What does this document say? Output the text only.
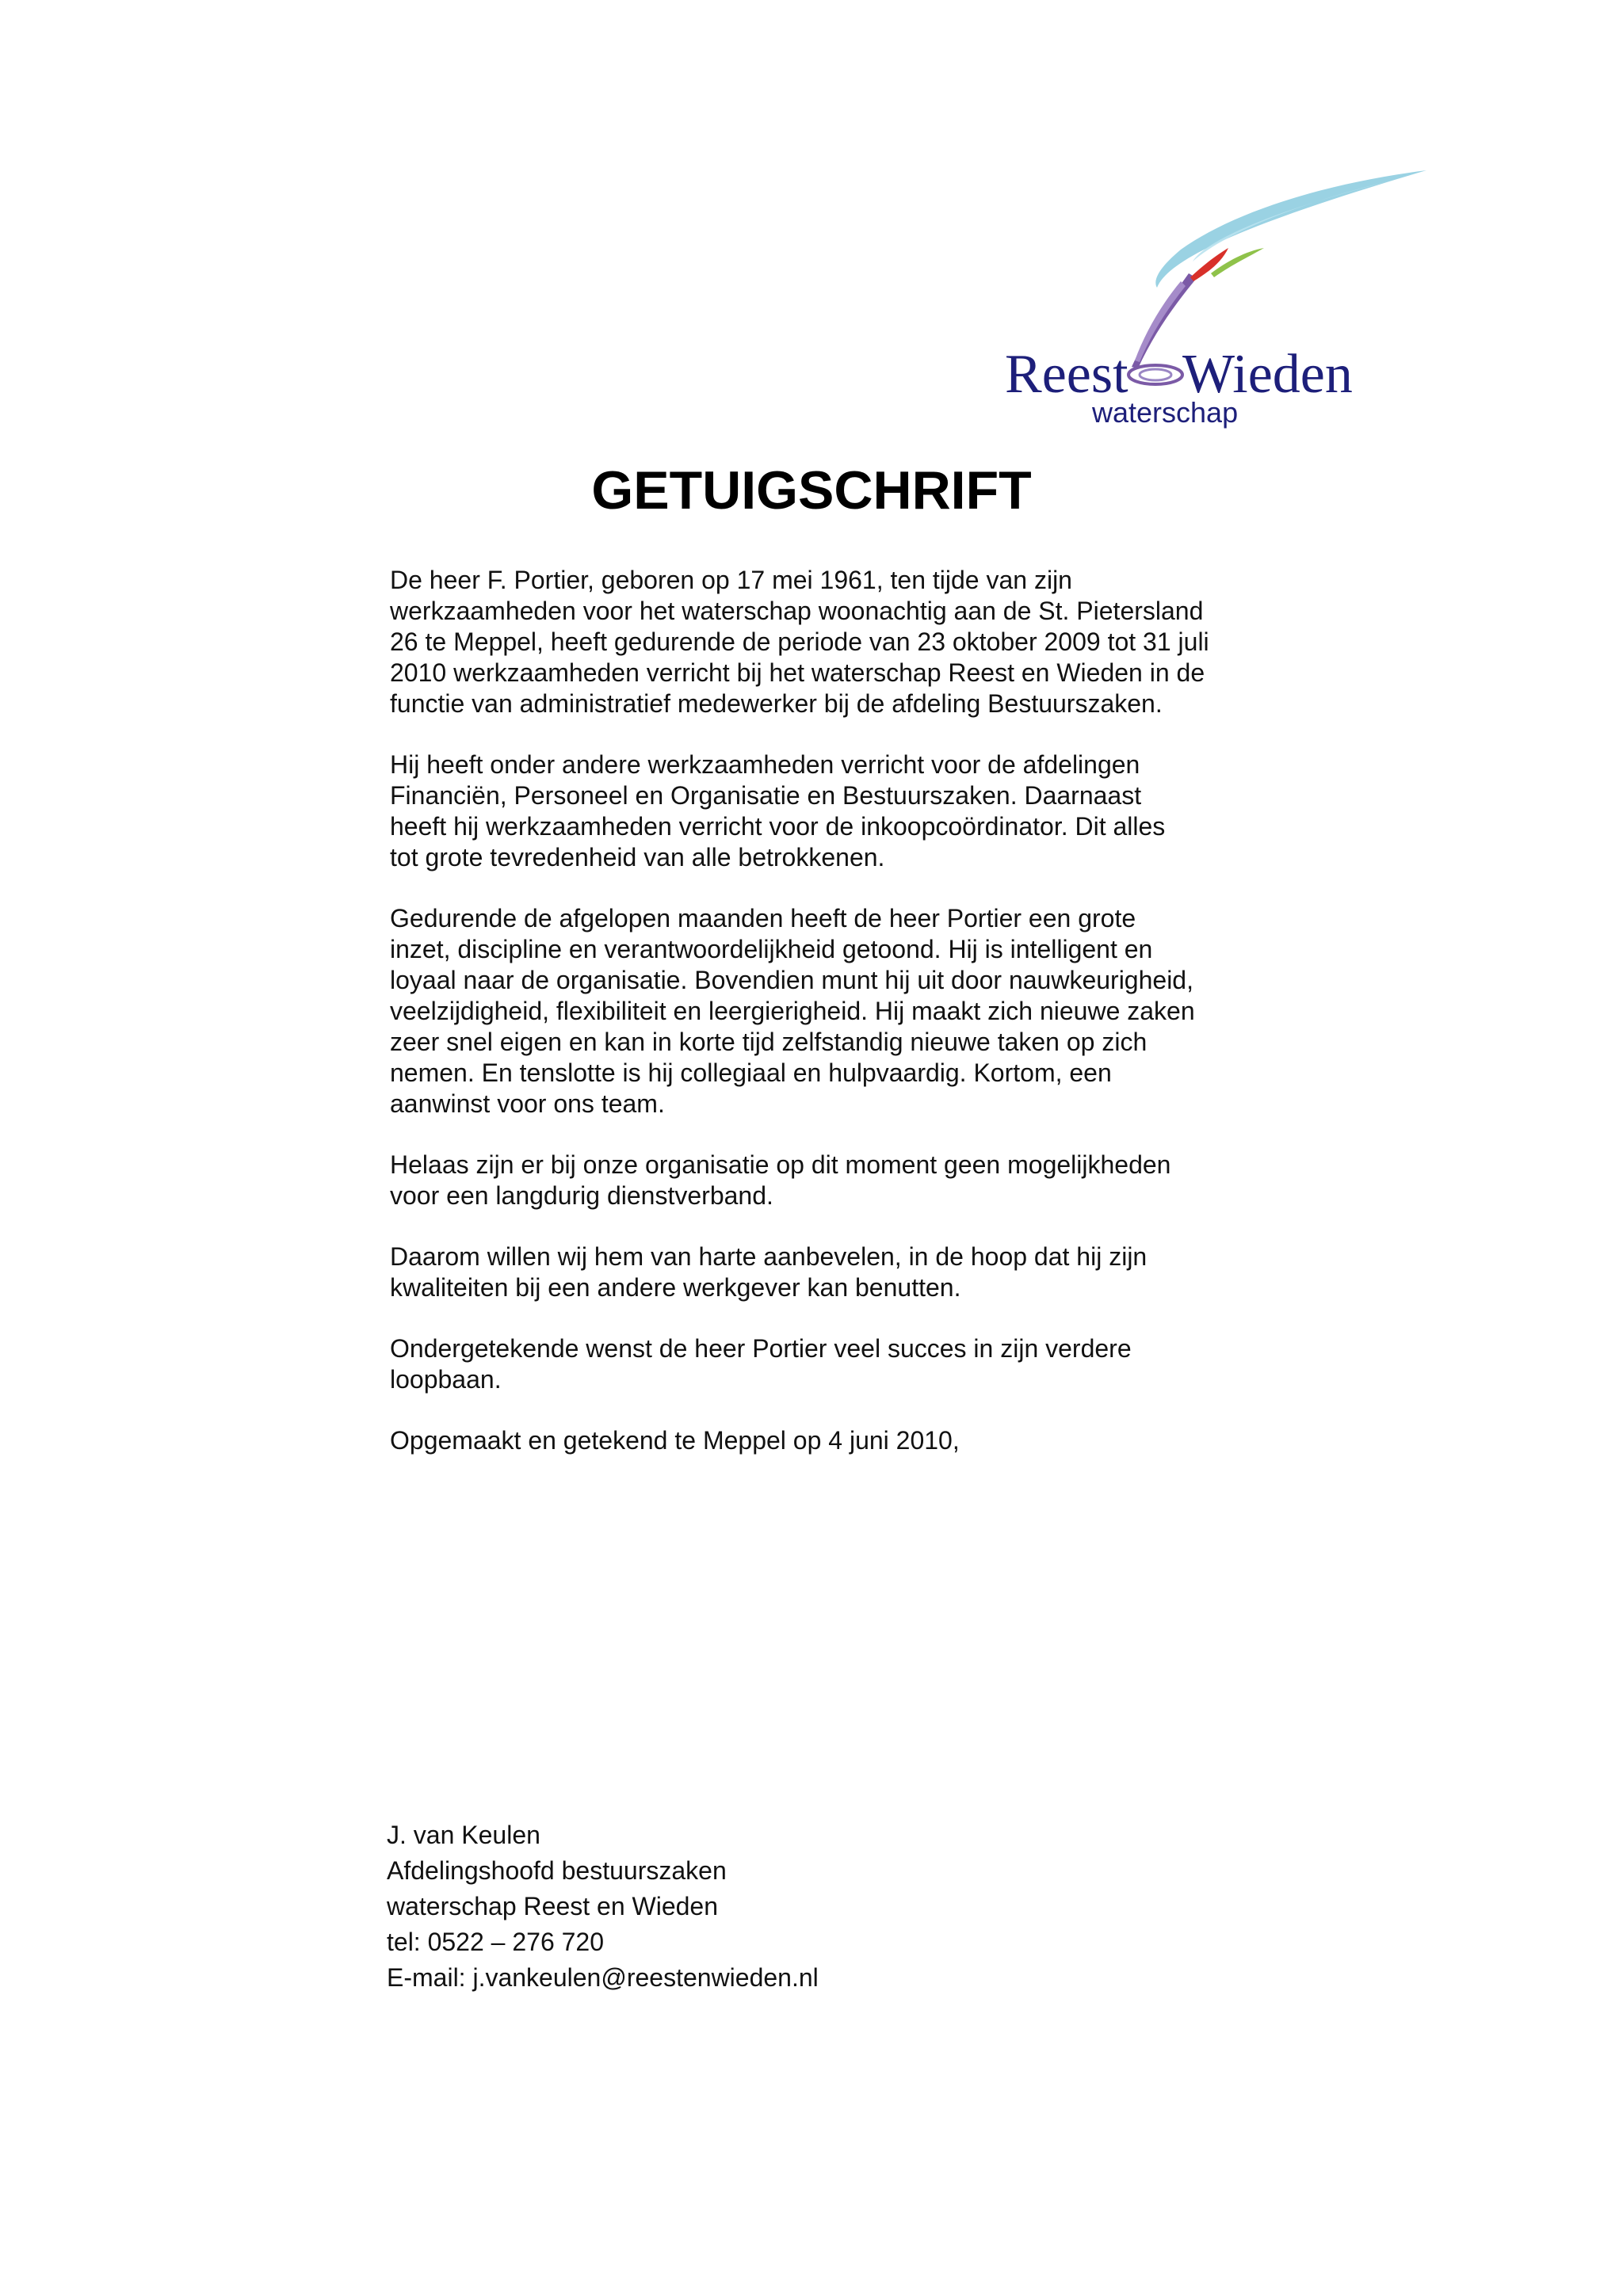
Reest Wieden
waterschap
GETUIGSCHRIFT

De heer F. Portier, geboren op 17 mei 1961, ten tijde van zijn
werkzaamheden voor het waterschap woonachtig aan de St. Pietersland
26 te Meppel, heeft gedurende de periode van 23 oktober 2009 tot 31 juli
2010 werkzaamheden verricht bij het waterschap Reest en Wieden in de
functie van administratief medewerker bij de afdeling Bestuurszaken.

Hij heeft onder andere werkzaamheden verricht voor de afdelingen
Financiën, Personeel en Organisatie en Bestuurszaken. Daarnaast
heeft hij werkzaamheden verricht voor de inkoopcoördinator. Dit alles
tot grote tevredenheid van alle betrokkenen.

Gedurende de afgelopen maanden heeft de heer Portier een grote
inzet, discipline en verantwoordelijkheid getoond. Hij is intelligent en
loyaal naar de organisatie. Bovendien munt hij uit door nauwkeurigheid,
veelzijdigheid, flexibiliteit en leergierigheid. Hij maakt zich nieuwe zaken
zeer snel eigen en kan in korte tijd zelfstandig nieuwe taken op zich
nemen. En tenslotte is hij collegiaal en hulpvaardig. Kortom, een
aanwinst voor ons team.

Helaas zijn er bij onze organisatie op dit moment geen mogelijkheden
voor een langdurig dienstverband.

Daarom willen wij hem van harte aanbevelen, in de hoop dat hij zijn
kwaliteiten bij een andere werkgever kan benutten.

Ondergetekende wenst de heer Portier veel succes in zijn verdere
loopbaan.

Opgemaakt en getekend te Meppel op 4 juni 2010,

J. van Keulen
Afdelingshoofd bestuurszaken
waterschap Reest en Wieden
tel: 0522 – 276 720
E-mail: j.vankeulen@reestenwieden.nl
